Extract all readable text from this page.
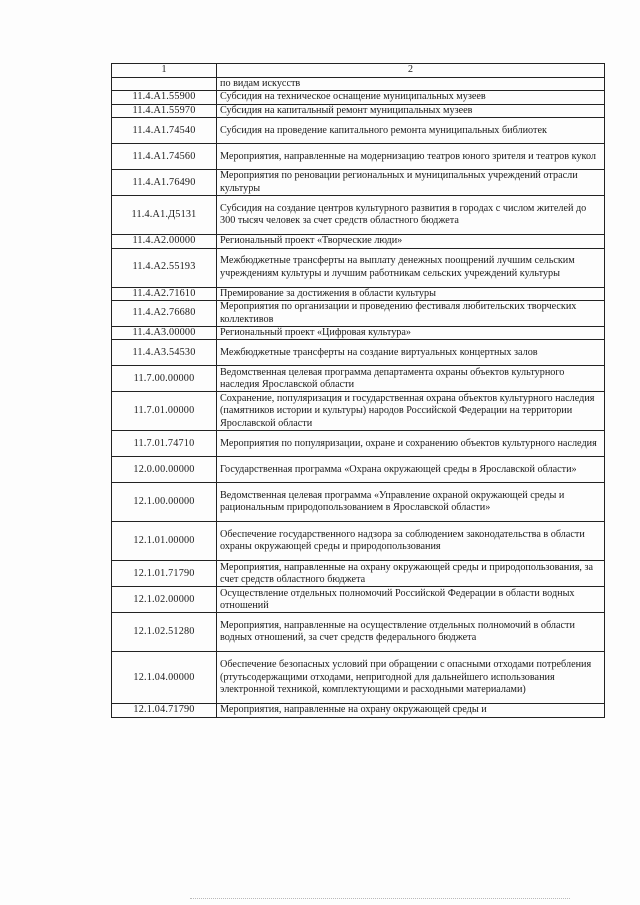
1	2
	по видам искусств
11.4.А1.55900	Субсидия на техническое оснащение муниципальных музеев
11.4.А1.55970	Субсидия на капитальный ремонт муниципальных музеев
11.4.А1.74540	Субсидия на проведение капитального ремонта муниципальных библиотек
11.4.А1.74560	Мероприятия, направленные на модернизацию театров юного зрителя и театров кукол
11.4.А1.76490	Мероприятия по реновации региональных и муниципальных учреждений отрасли культуры
11.4.А1.Д5131	Субсидия на создание центров культурного развития в городах с числом жителей до 300 тысяч человек за счет средств областного бюджета
11.4.А2.00000	Региональный проект «Творческие люди»
11.4.А2.55193	Межбюджетные трансферты на выплату денежных поощрений лучшим сельским учреждениям культуры и лучшим работникам сельских учреждений культуры
11.4.А2.71610	Премирование за достижения в области культуры
11.4.А2.76680	Мероприятия по организации и проведению фестиваля любительских творческих коллективов
11.4.А3.00000	Региональный проект «Цифровая культура»
11.4.А3.54530	Межбюджетные трансферты на создание виртуальных концертных залов
11.7.00.00000	Ведомственная целевая программа департамента охраны объектов культурного наследия Ярославской области
11.7.01.00000	Сохранение, популяризация и государственная охрана объектов культурного наследия (памятников истории и культуры) народов Российской Федерации на территории Ярославской области
11.7.01.74710	Мероприятия по популяризации, охране и сохранению объектов культурного наследия
12.0.00.00000	Государственная программа «Охрана окружающей среды в Ярославской области»
12.1.00.00000	Ведомственная целевая программа «Управление охраной окружающей среды и рациональным природопользованием в Ярославской области»
12.1.01.00000	Обеспечение государственного надзора за соблюдением законодательства в области охраны окружающей среды и природопользования
12.1.01.71790	Мероприятия, направленные на охрану окружающей среды и природопользования, за счет средств областного бюджета
12.1.02.00000	Осуществление отдельных полномочий Российской Федерации в области водных отношений
12.1.02.51280	Мероприятия, направленные на осуществление отдельных полномочий в области водных отношений, за счет средств федерального бюджета
12.1.04.00000	Обеспечение безопасных условий при обращении с опасными отходами потребления (ртутьсодержащими отходами, непригодной для дальнейшего использования электронной техникой, комплектующими и расходными материалами)
12.1.04.71790	Мероприятия, направленные на охрану окружающей среды и
